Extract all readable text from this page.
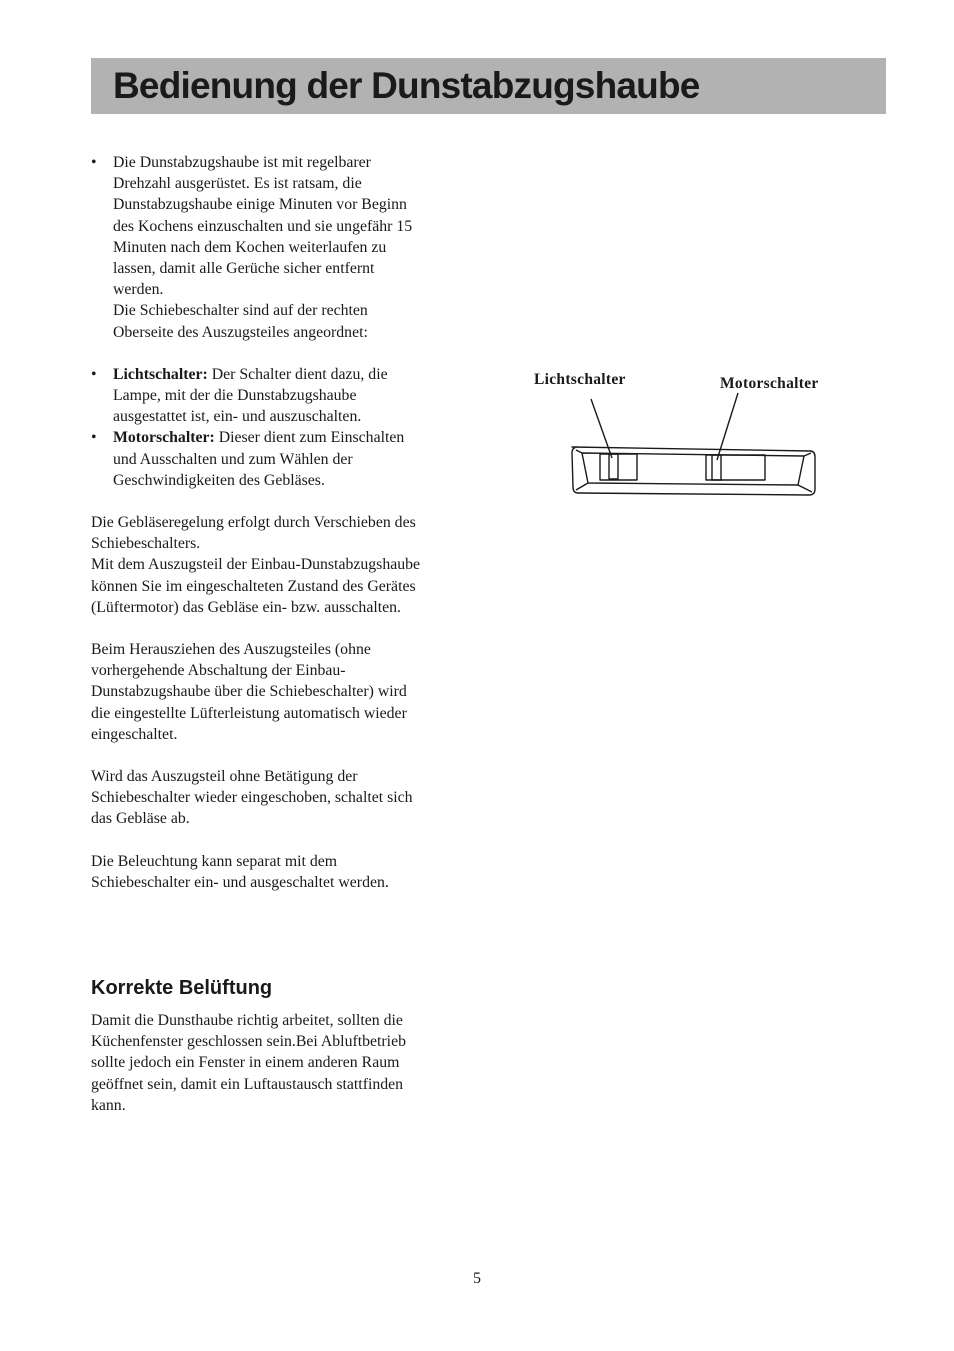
Bedienung der Dunstabzugshaube
• Die Dunstabzugshaube ist mit regelbarer

Drehzahl ausgerüstet. Es ist ratsam, die

Dunstabzugshaube einige Minuten vor Beginn

des Kochens einzuschalten und sie ungefähr 15

Minuten nach dem Kochen weiterlaufen zu

lassen, damit alle Gerüche sicher entfernt

werden.

Die Schiebeschalter sind auf der rechten

Oberseite des Auszugsteiles angeordnet:

• Lichtschalter: Der Schalter dient dazu, die

Lampe, mit der die Dunstabzugshaube

ausgestattet ist, ein- und auszuschalten.

• Motorschalter: Dieser dient zum Einschalten

und Ausschalten und zum Wählen der

Geschwindigkeiten des Gebläses.

Die Gebläseregelung erfolgt durch Verschieben des

Schiebeschalters.

Mit dem Auszugsteil der Einbau-Dunstabzugshaube

können Sie im eingeschalteten Zustand des Gerätes

(Lüftermotor) das Gebläse ein- bzw. ausschalten.

Beim Herausziehen des Auszugsteiles (ohne

vorhergehende Abschaltung der Einbau-

Dunstabzugshaube über die Schiebeschalter) wird

die eingestellte Lüfterleistung automatisch wieder

eingeschaltet.

Wird das Auszugsteil ohne Betätigung der

Schiebeschalter wieder eingeschoben, schaltet sich

das Gebläse ab.

Die Beleuchtung kann separat mit dem

Schiebeschalter ein- und ausgeschaltet werden.

Lichtschalter	Motorschalter
Korrekte Belüftung

Damit die Dunsthaube richtig arbeitet, sollten die

Küchenfenster geschlossen sein.Bei Abluftbetrieb

sollte jedoch ein Fenster in einem anderen Raum

geöffnet sein, damit ein Luftaustausch stattfinden

kann.

5
